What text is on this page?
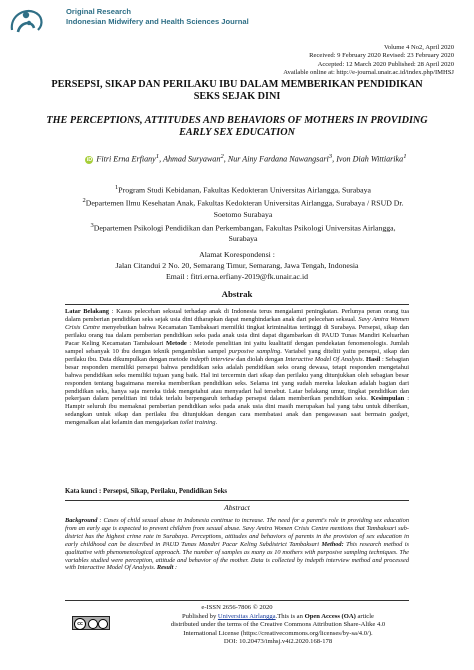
Original Research
Indonesian Midwifery and Health Sciences Journal
Volume 4 No2, April 2020
Received: 9 February 2020 Revised: 23 February 2020
Accepted: 12 March 2020 Published: 28 April 2020
Available online at: http://e-journal.unair.ac.id/index.php/IMHSJ
PERSEPSI, SIKAP DAN PERILAKU IBU DALAM MEMBERIKAN PENDIDIKAN SEKS SEJAK DINI
THE PERCEPTIONS, ATTITUDES AND BEHAVIORS OF MOTHERS IN PROVIDING EARLY SEX EDUCATION
iD Fitri Erna Erfiany$^1$, Ahmad Suryawan$^2$, Nur Ainy Fardana Nawangsari$^3$, Ivon Diah Wittiarika$^1$
$^1$Program Studi Kebidanan, Fakultas Kedokteran Universitas Airlangga, Surabaya
$^2$Departemen Ilmu Kesehatan Anak, Fakultas Kedokteran Universitas Airlangga, Surabaya / RSUD Dr. Soetomo Surabaya
$^3$Departemen Psikologi Pendidikan dan Perkembangan, Fakultas Psikologi Universitas Airlangga, Surabaya
Alamat Korespondensi :
Jalan Citandui 2 No. 20, Semarang Timur, Semarang, Jawa Tengah, Indonesia
Email : fitri.erna.erfiany-2019@fk.unair.ac.id
Abstrak
Latar Belakang : Kasus pelecehan seksual terhadap anak di Indonesia terus mengalami peningkatan. Perlunya peran orang tua dalam pemberian pendidikan seks sejak usia dini diharapkan dapat menghindarkan anak dari pelecehan seksual. Savy Amira Women Crisis Centre menyebutkan bahwa Kecamatan Tambaksari memiliki tingkat kriminalitas tertinggi di Surabaya. Persepsi, sikap dan perilaku orang tua dalam pemberian pendidikan seks pada anak usia dini dapat digambarkan di PAUD Tunas Mandiri Keluarhan Pacar Keling Kecamatan Tambaksari Metode : Metode penelitian ini yaitu kualitatif dengan pendekatan fenomenologis. Jumlah sampel sebanyak 10 ibu dengan teknik pengambilan sampel purposive sampling. Variabel yang diteliti yaitu persepsi, sikap dan perilaku ibu. Data dikumpulkan dengan metode indepth interview dan diolah dengan Interactive Model Of Analysis. Hasil : Sebagian besar responden memiliki persepsi bahwa pendidikan seks adalah pendidikan seks orang dewasa, tetapi responden mengetahui bahwa pendidikan seks memiliki tujuan yang baik. Hal ini tercermin dari sikap dan perilaku yang ditunjukkan oleh sebagian besar responden tentang bagaimana mereka memberikan pendidikan seks. Selama ini yang sudah mereka lakukan adalah bagian dari pendidikan seks, hanya saja mereka tidak mengetahui atau menyadari hal tersebut. Latar belakang umur, tingkat pendidikan dan pekerjaan dalam penelitian ini tidak terlalu berpengaruh terhadap persepsi dalam memberikan pendidikan seks. Kesimpulan : Hampir seluruh ibu memaknai pemberian pendidikan seks pada anak usia dini masih merupakan hal yang tabu untuk diberikan, sedangkan untuk sikap dan perilaku ibu ditunjukkan dengan cara membatasi anak dan pengawasan saat bermain gadget, mengenalkan alat kelamin dan mengajarkan toilet training.
Kata kunci : Persepsi, Sikap, Perilaku, Pendidikan Seks
Abstract
Background : Cases of child sexual abuse in Indonesia continue to increase. The need for a parent's role in providing sex education from an early age is expected to prevent children from sexual abuse. Savy Amira Women Crisis Centre mentions that Tambaksari sub-district has the highest crime rate in Surabaya. Perceptions, attitudes and behaviors of parents in the provision of sex education in early childhood can be described in PAUD Tunas Mandiri Pacar Keling Subdistrict Tambaksari Method: This research method is qualitative with phenomenological approach. The number of samples as many as 10 mothers with purposive sampling techniques. The variables studied were perception, attitude and behavior of the mother. Data is collected by indepth interview method and processed with Interactive Model Of Analysis. Result :
e-ISSN 2656-7806 © 2020
cc
Published by Universitas Airlangga.This is an Open Access (OA) article
distributed under the terms of the Creative Commons Attribution Share-Alike 4.0
International License (https://creativecommons.org/licenses/by-sa/4.0/).
DOI: 10.20473/imhsj.v4i2.2020.168-178
